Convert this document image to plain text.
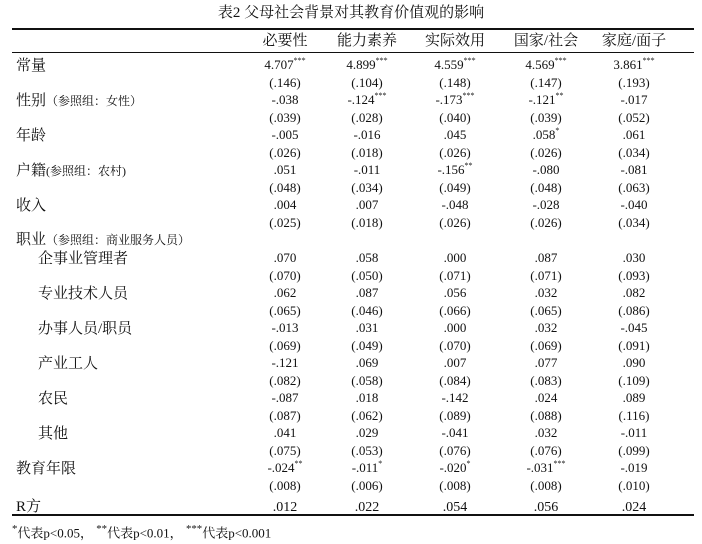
表2 父母社会背景对其教育价值观的影响
必要性	能力素养	实际效用	国家/社会	家庭/面子
常量	4.707***	4.899***	4.559***	4.569***	3.861***
(.146)	(.104)	(.148)	(.147)	(.193)
性别（参照组：女性）	-.038	-.124***	-.173***	-.121**	-.017
(.039)	(.028)	(.040)	(.039)	(.052)
年龄	-.005	-.016	.045	.058*	.061
(.026)	(.018)	(.026)	(.026)	(.034)
户籍(参照组：农村)	.051	-.011	-.156**	-.080	-.081
(.048)	(.034)	(.049)	(.048)	(.063)
收入	.004	.007	-.048	-.028	-.040
(.025)	(.018)	(.026)	(.026)	(.034)
职业（参照组：商业服务人员）
企事业管理者	.070	.058	.000	.087	.030
(.070)	(.050)	(.071)	(.071)	(.093)
专业技术人员	.062	.087	.056	.032	.082
(.065)	(.046)	(.066)	(.065)	(.086)
办事人员/职员	-.013	.031	.000	.032	-.045
(.069)	(.049)	(.070)	(.069)	(.091)
产业工人	-.121	.069	.007	.077	.090
(.082)	(.058)	(.084)	(.083)	(.109)
农民	-.087	.018	-.142	.024	.089
(.087)	(.062)	(.089)	(.088)	(.116)
其他	.041	.029	-.041	.032	-.011
(.075)	(.053)	(.076)	(.076)	(.099)
教育年限	-.024**	-.011*	-.020*	-.031***	-.019
(.008)	(.006)	(.008)	(.008)	(.010)
R方	.012	.022	.054	.056	.024
*代表p<0.05， **代表p<0.01， ***代表p<0.001
